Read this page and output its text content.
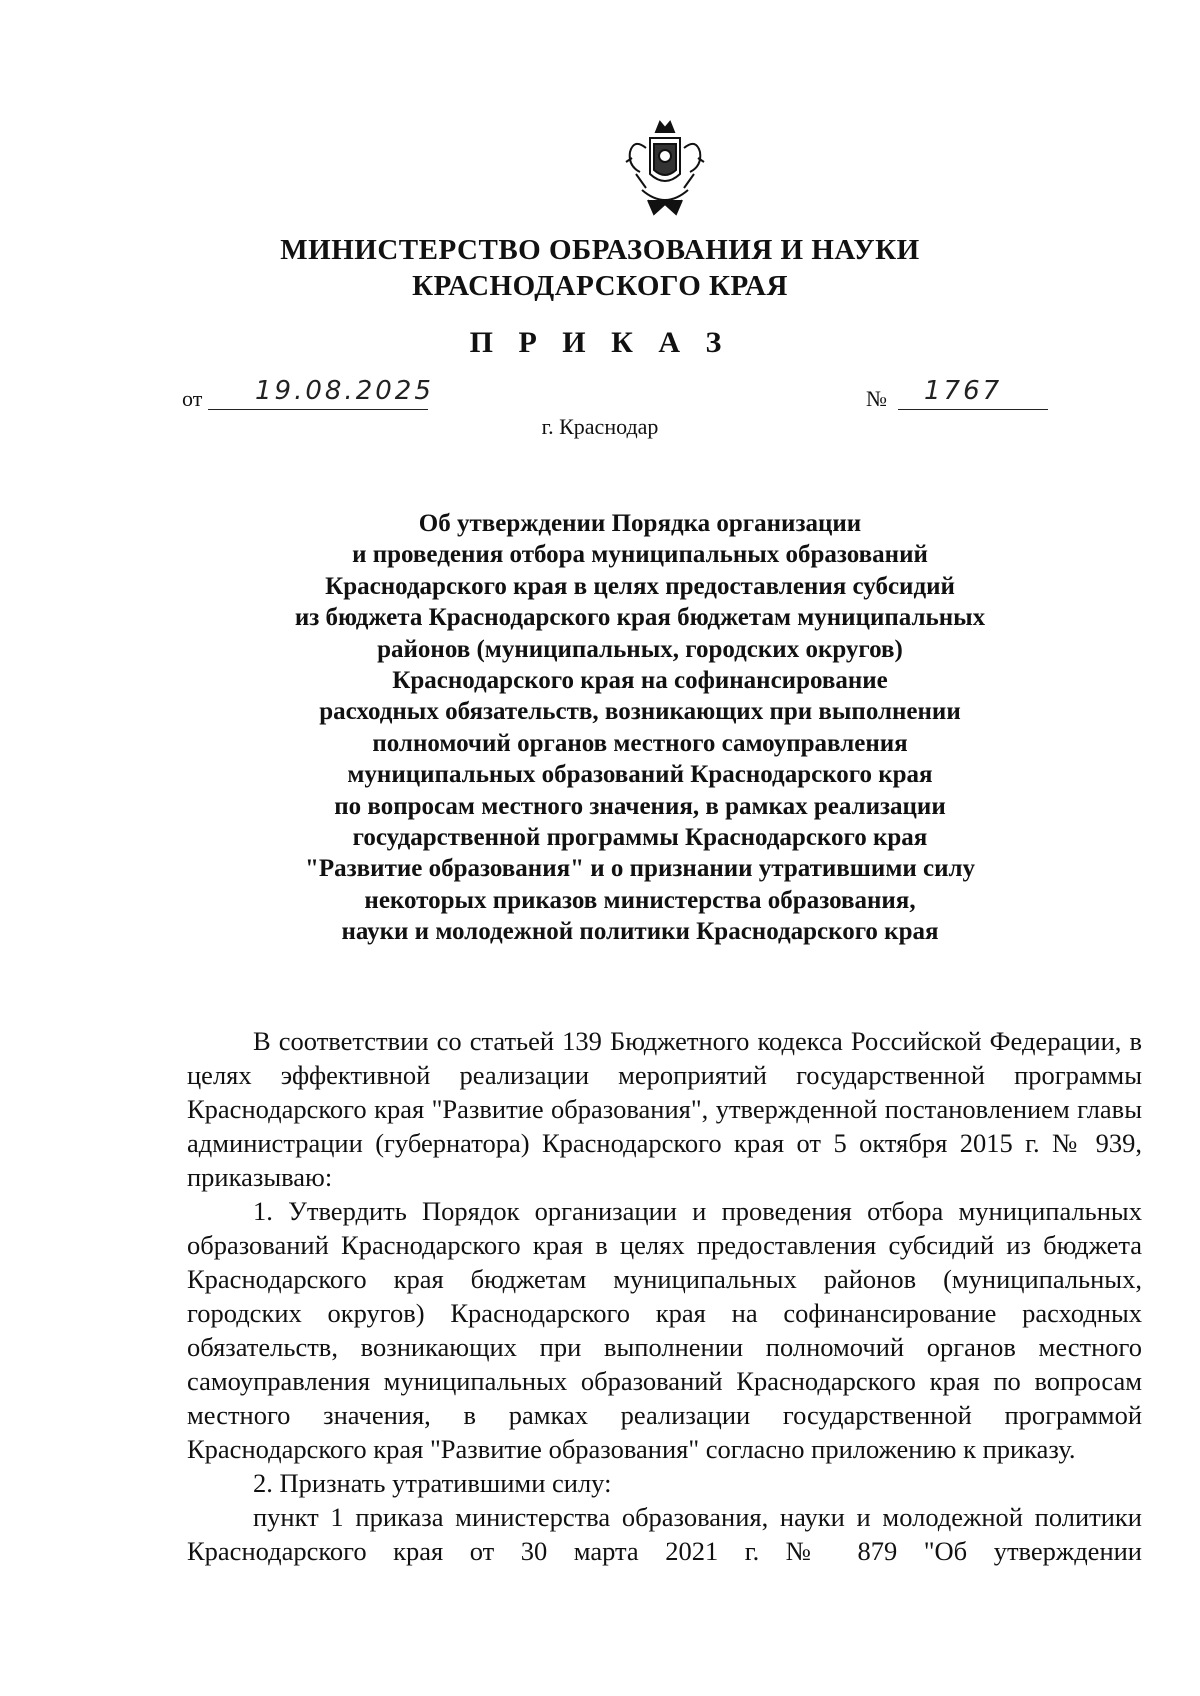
МИНИСТЕРСТВО ОБРАЗОВАНИЯ И НАУКИ
КРАСНОДАРСКОГО КРАЯ
П Р И К А З
от 19.08.2025	№ 1767
г. Краснодар
Об утверждении Порядка организации
и проведения отбора муниципальных образований
Краснодарского края в целях предоставления субсидий
из бюджета Краснодарского края бюджетам муниципальных
районов (муниципальных, городских округов)
Краснодарского края на софинансирование
расходных обязательств, возникающих при выполнении
полномочий органов местного самоуправления
муниципальных образований Краснодарского края
по вопросам местного значения, в рамках реализации
государственной программы Краснодарского края
"Развитие образования" и о признании утратившими силу
некоторых приказов министерства образования,
науки и молодежной политики Краснодарского края

В соответствии со статьей 139 Бюджетного кодекса Российской Федерации, в целях эффективной реализации мероприятий государственной программы Краснодарского края "Развитие образования", утвержденной постановлением главы администрации (губернатора) Краснодарского края от 5 октября 2015 г. № 939, приказываю:

1. Утвердить Порядок организации и проведения отбора муниципальных образований Краснодарского края в целях предоставления субсидий из бюджета Краснодарского края бюджетам муниципальных районов (муниципальных, городских округов) Краснодарского края на софинансирование расходных обязательств, возникающих при выполнении полномочий органов местного самоуправления муниципальных образований Краснодарского края по вопросам местного значения, в рамках реализации государственной программой Краснодарского края "Развитие образования" согласно приложению к приказу.

2. Признать утратившими силу:

пункт 1 приказа министерства образования, науки и молодежной политики Краснодарского края от 30 марта 2021 г. № 879 "Об утверждении
